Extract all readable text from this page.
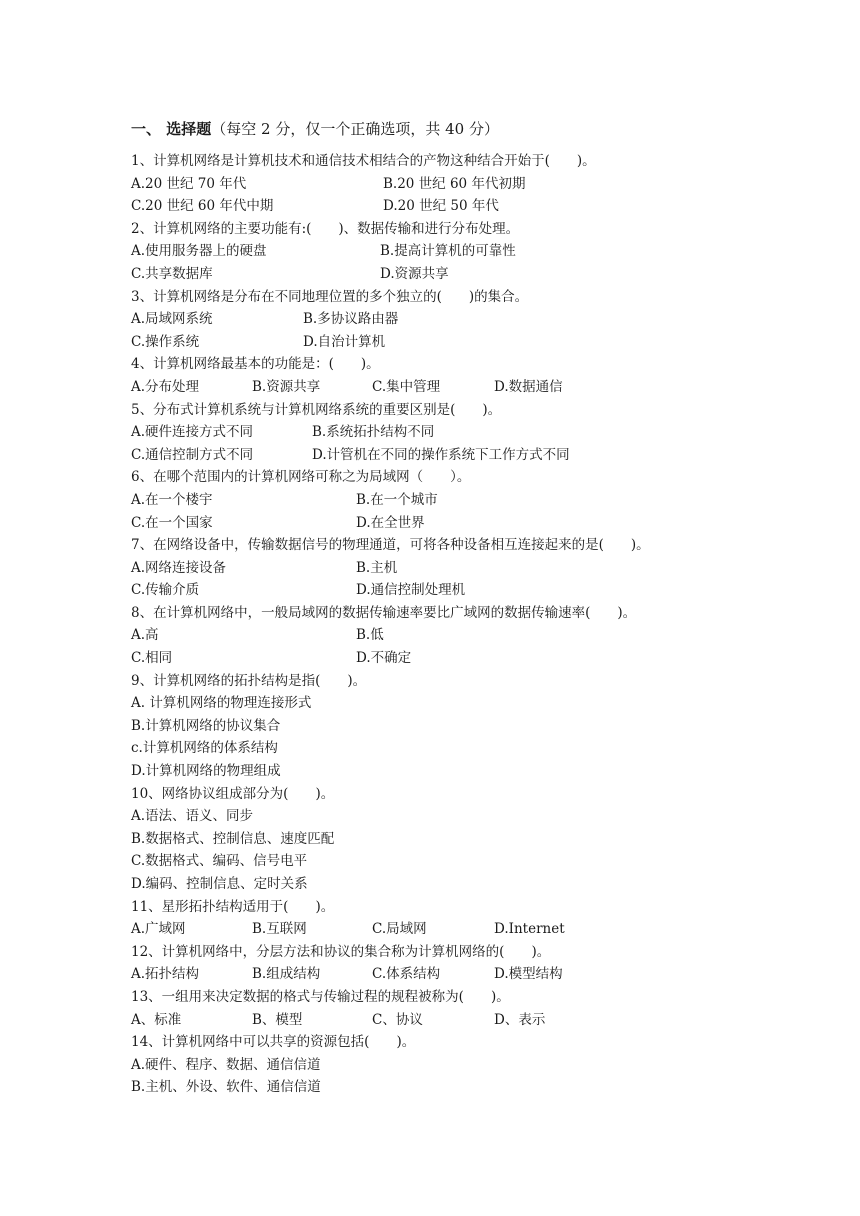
一、 选择题（每空 2 分，仅一个正确选项，共 40 分）
1、计算机网络是计算机技术和通信技术相结合的产物这种结合开始于(　　)。
A.20 世纪 70 年代	B.20 世纪 60 年代初期
C.20 世纪 60 年代中期	D.20 世纪 50 年代
2、计算机网络的主要功能有:(　　)、数据传输和进行分布处理。
A.使用服务器上的硬盘	B.提高计算机的可靠性
C.共享数据库	D.资源共享
3、计算机网络是分布在不同地理位置的多个独立的(　　)的集合。
A.局域网系统	B.多协议路由器
C.操作系统	D.自治计算机
4、计算机网络最基本的功能是：(　　)。
A.分布处理	B.资源共享	C.集中管理	D.数据通信
5、分布式计算机系统与计算机网络系统的重要区别是(　　)。
A.硬件连接方式不同	B.系统拓扑结构不同
C.通信控制方式不同	D.计管机在不同的操作系统下工作方式不同
6、在哪个范围内的计算机网络可称之为局域网（　　）。
A.在一个楼宇	B.在一个城市
C.在一个国家	D.在全世界
7、在网络设备中，传输数据信号的物理通道，可将各种设备相互连接起来的是(　　)。
A.网络连接设备	B.主机
C.传输介质	D.通信控制处理机
8、在计算机网络中，一般局域网的数据传输速率要比广域网的数据传输速率(　　)。
A.高	B.低
C.相同	D.不确定
9、计算机网络的拓扑结构是指(　　)。
A. 计算机网络的物理连接形式
B.计算机网络的协议集合
c.计算机网络的体系结构
D.计算机网络的物理组成
10、网络协议组成部分为(　　)。
A.语法、语义、同步
B.数据格式、控制信息、速度匹配
C.数据格式、编码、信号电平
D.编码、控制信息、定时关系
11、星形拓扑结构适用于(　　)。
A.广域网	B.互联网	C.局域网	D.Internet
12、计算机网络中，分层方法和协议的集合称为计算机网络的(　　)。
A.拓扑结构	B.组成结构	C.体系结构	D.模型结构
13、一组用来决定数据的格式与传输过程的规程被称为(　　)。
A、标准	B、模型	C、协议	D、表示
14、计算机网络中可以共享的资源包括(　　)。
A.硬件、程序、数据、通信信道
B.主机、外设、软件、通信信道
